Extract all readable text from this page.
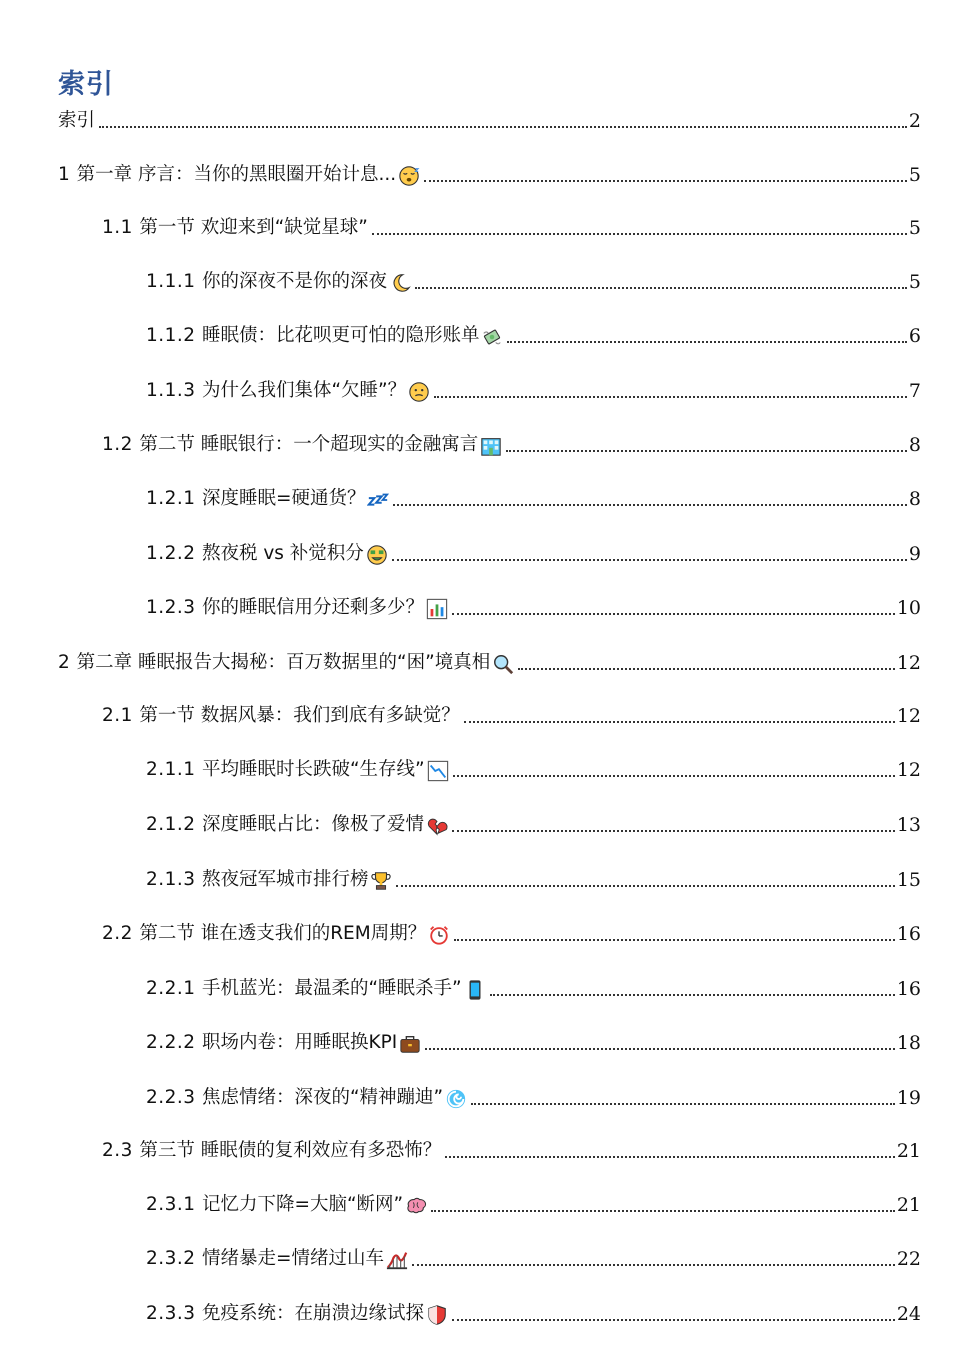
索引
索引	2
1 第一章 序言：当你的黑眼圈开始计息...	5
1.1 第一节 欢迎来到“缺觉星球”	5
1.1.1 你的深夜不是你的深夜	5
1.1.2 睡眠债：比花呗更可怕的隐形账单	6
1.1.3 为什么我们集体“欠睡”？	7
1.2 第二节 睡眠银行：一个超现实的金融寓言	8
1.2.1 深度睡眠=硬通货？	8
1.2.2 熬夜税 vs 补觉积分	9
1.2.3 你的睡眠信用分还剩多少？	10
2 第二章 睡眠报告大揭秘：百万数据里的“困”境真相	12
2.1 第一节 数据风暴：我们到底有多缺觉？	12
2.1.1 平均睡眠时长跌破“生存线”	12
2.1.2 深度睡眠占比：像极了爱情	13
2.1.3 熬夜冠军城市排行榜	15
2.2 第二节 谁在透支我们的REM周期？	16
2.2.1 手机蓝光：最温柔的“睡眠杀手”	16
2.2.2 职场内卷：用睡眠换KPI	18
2.2.3 焦虑情绪：深夜的“精神蹦迪”	19
2.3 第三节 睡眠债的复利效应有多恐怖？	21
2.3.1 记忆力下降=大脑“断网”	21
2.3.2 情绪暴走=情绪过山车	22
2.3.3 免疫系统：在崩溃边缘试探	24
